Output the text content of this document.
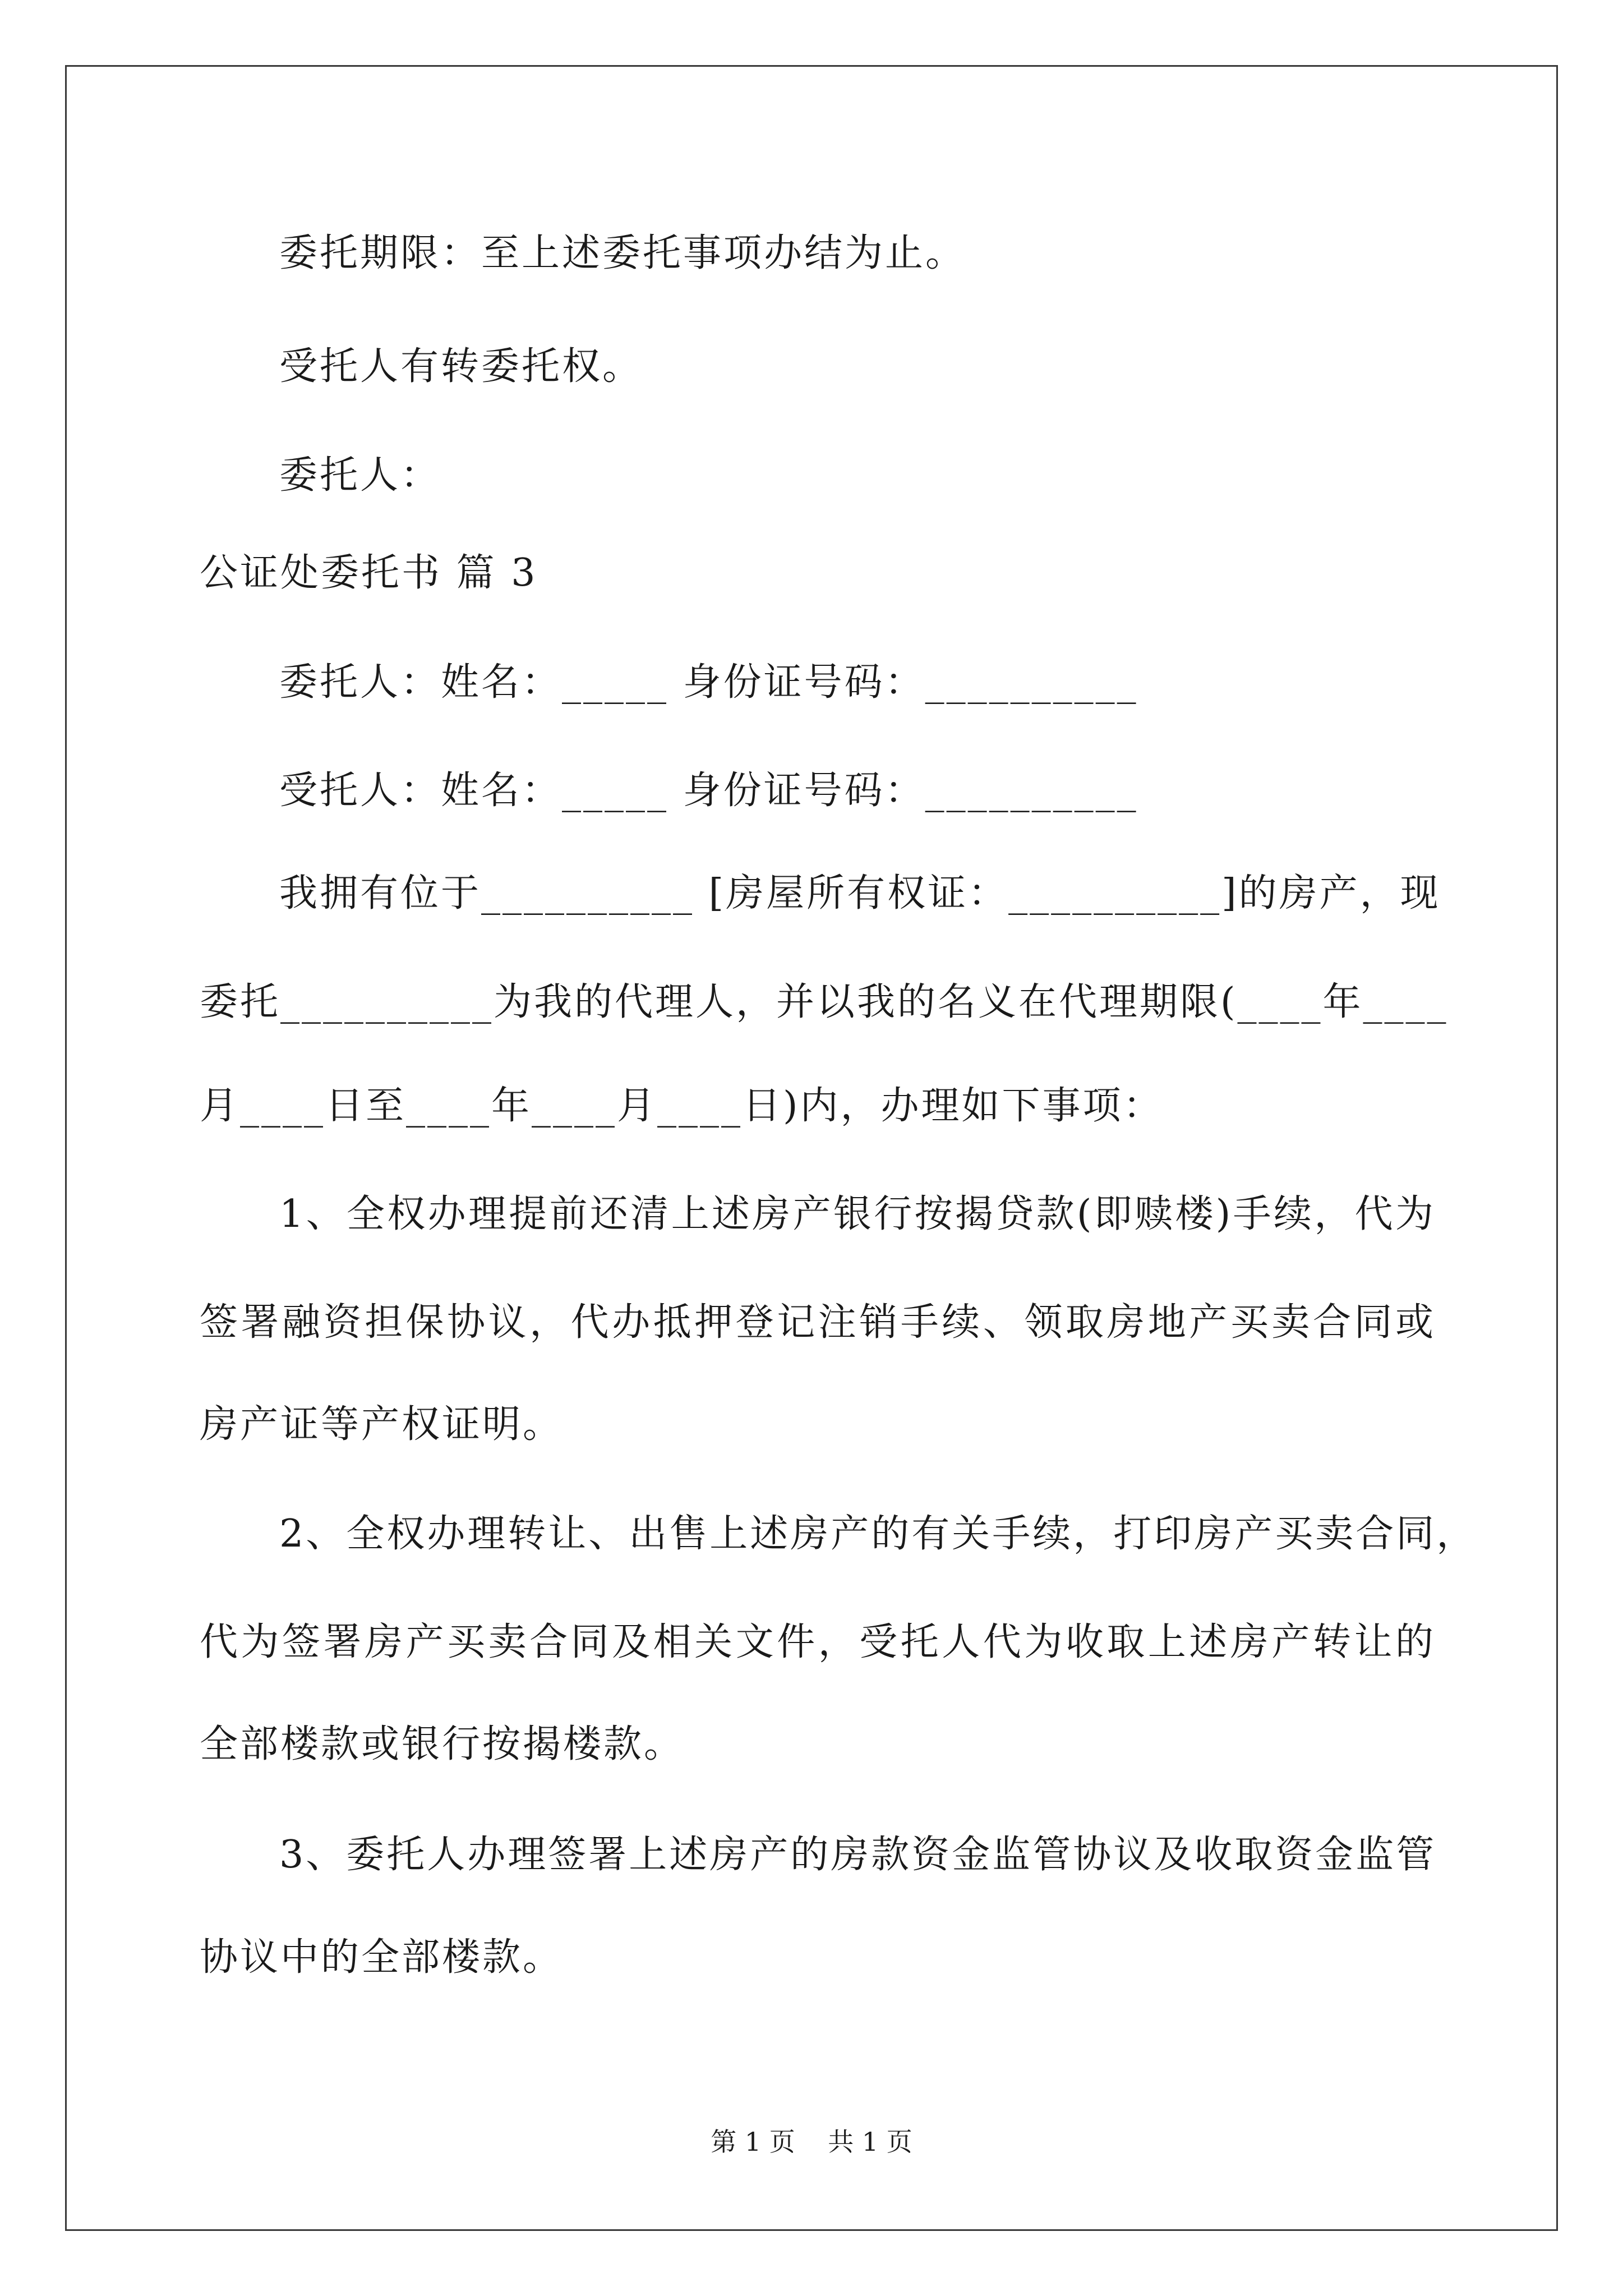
委托期限：至上述委托事项办结为止。

受托人有转委托权。

委托人：

公证处委托书 篇 3

委托人：姓名：_____ 身份证号码：__________

受托人：姓名：_____ 身份证号码：__________

我拥有位于__________ [房屋所有权证：__________]的房产，现

委托__________为我的代理人，并以我的名义在代理期限(____年____

月____日至____年____月____日)内，办理如下事项：

1、全权办理提前还清上述房产银行按揭贷款(即赎楼)手续，代为

签署融资担保协议，代办抵押登记注销手续、领取房地产买卖合同或

房产证等产权证明。

2、全权办理转让、出售上述房产的有关手续，打印房产买卖合同，

代为签署房产买卖合同及相关文件，受托人代为收取上述房产转让的

全部楼款或银行按揭楼款。

3、委托人办理签署上述房产的房款资金监管协议及收取资金监管

协议中的全部楼款。

第 1 页    共 1 页
